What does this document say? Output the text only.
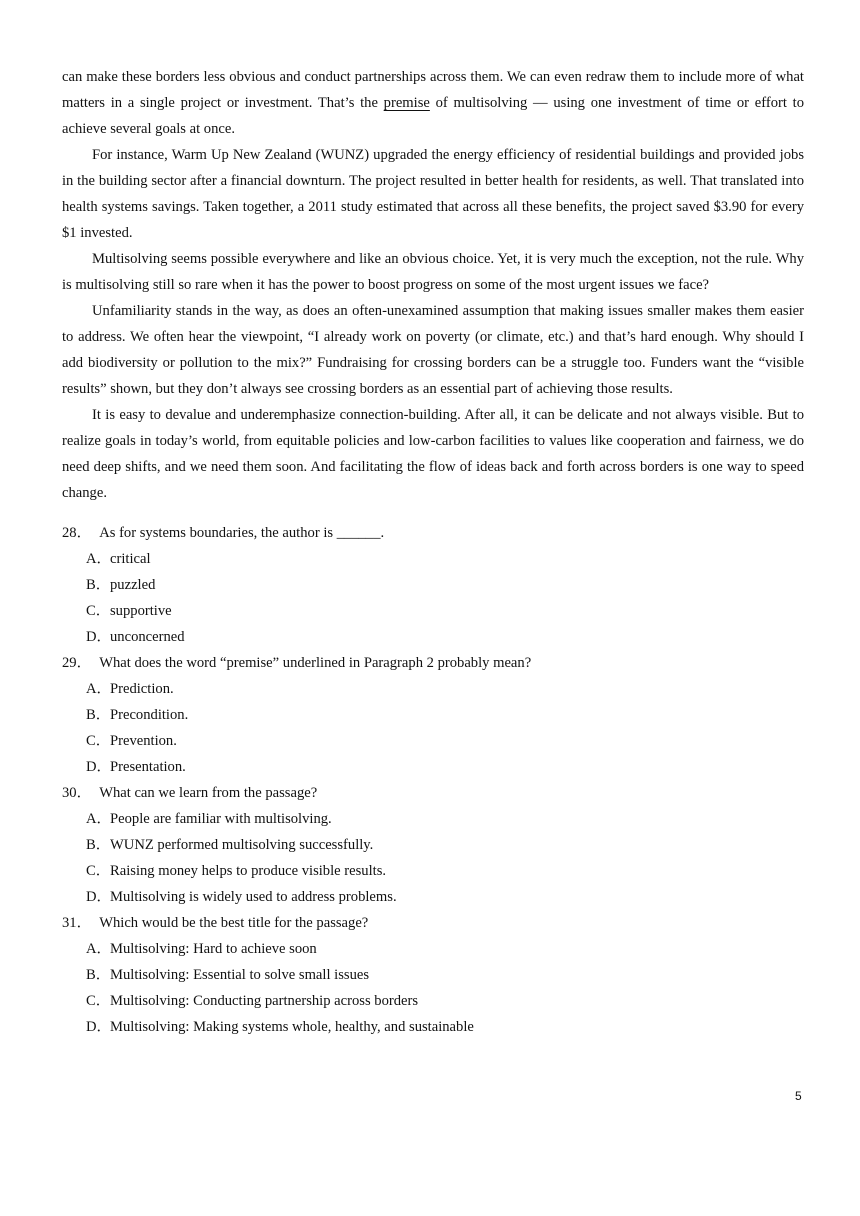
can make these borders less obvious and conduct partnerships across them. We can even redraw them to include more of what matters in a single project or investment. That’s the premise of multisolving — using one investment of time or effort to achieve several goals at once.

For instance, Warm Up New Zealand (WUNZ) upgraded the energy efficiency of residential buildings and provided jobs in the building sector after a financial downturn. The project resulted in better health for residents, as well. That translated into health systems savings. Taken together, a 2011 study estimated that across all these benefits, the project saved $3.90 for every $1 invested.

Multisolving seems possible everywhere and like an obvious choice. Yet, it is very much the exception, not the rule. Why is multisolving still so rare when it has the power to boost progress on some of the most urgent issues we face?

Unfamiliarity stands in the way, as does an often-unexamined assumption that making issues smaller makes them easier to address. We often hear the viewpoint, “I already work on poverty (or climate, etc.) and that’s hard enough. Why should I add biodiversity or pollution to the mix?” Fundraising for crossing borders can be a struggle too. Funders want the “visible results” shown, but they don’t always see crossing borders as an essential part of achieving those results.

It is easy to devalue and underemphasize connection-building. After all, it can be delicate and not always visible. But to realize goals in today’s world, from equitable policies and low-carbon facilities to values like cooperation and fairness, we do need deep shifts, and we need them soon. And facilitating the flow of ideas back and forth across borders is one way to speed change.

28． As for systems boundaries, the author is ______.
A．critical
B．puzzled
C．supportive
D．unconcerned
29． What does the word “premise” underlined in Paragraph 2 probably mean?
A．Prediction.
B．Precondition.
C．Prevention.
D．Presentation.
30． What can we learn from the passage?
A．People are familiar with multisolving.
B．WUNZ performed multisolving successfully.
C．Raising money helps to produce visible results.
D．Multisolving is widely used to address problems.
31． Which would be the best title for the passage?
A．Multisolving: Hard to achieve soon
B．Multisolving: Essential to solve small issues
C．Multisolving: Conducting partnership across borders
D．Multisolving: Making systems whole, healthy, and sustainable
5
